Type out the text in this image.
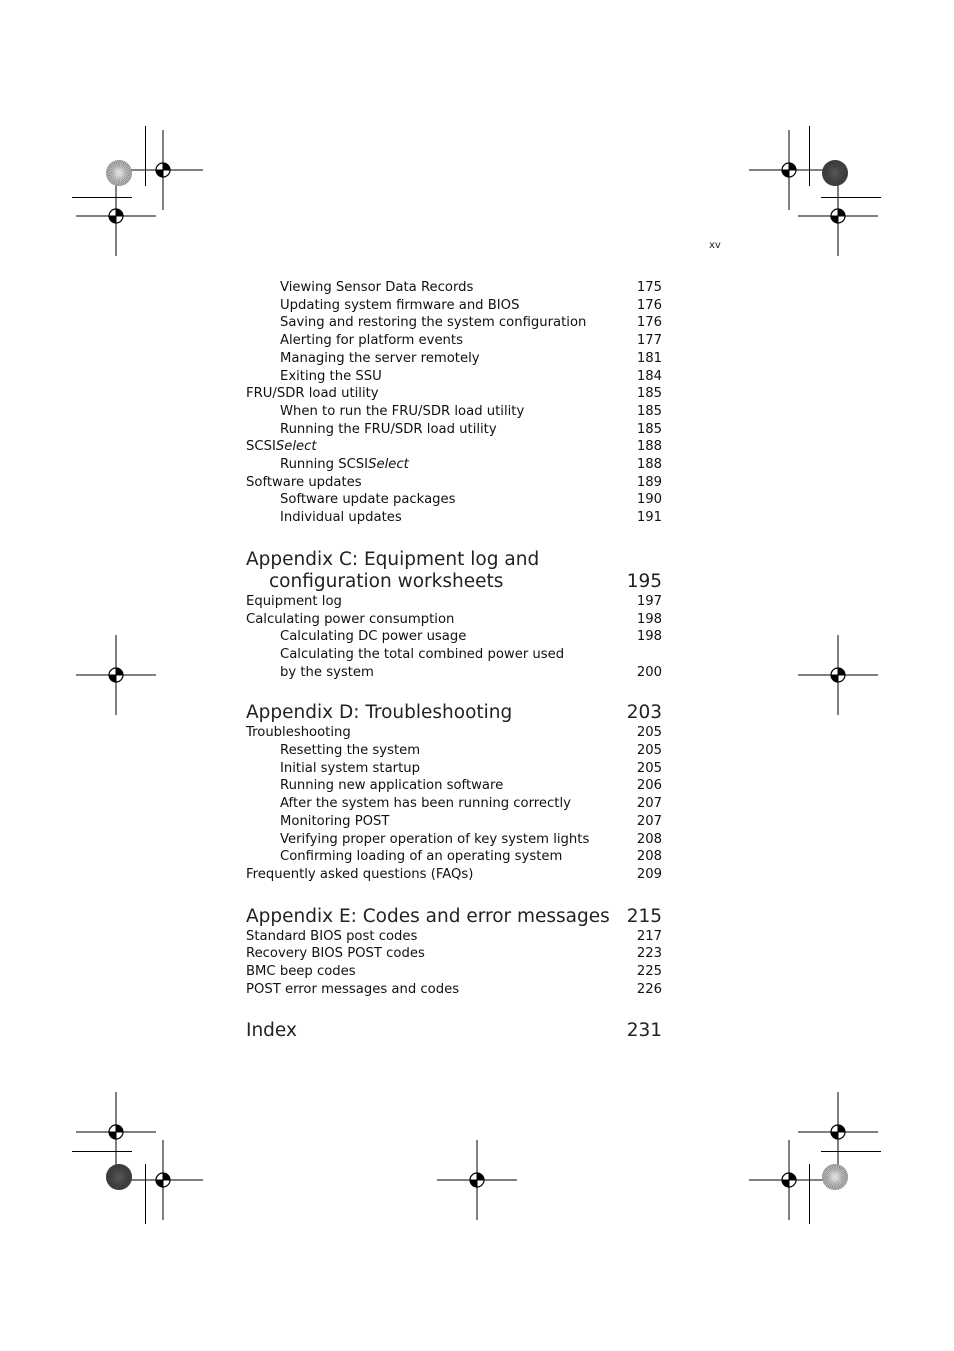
xv
Viewing Sensor Data Records	175
Updating system firmware and BIOS	176
Saving and restoring the system configuration	176
Alerting for platform events	177
Managing the server remotely	181
Exiting the SSU	184
FRU/SDR load utility	185
When to run the FRU/SDR load utility	185
Running the FRU/SDR load utility	185
SCSISelect	188
Running SCSISelect	188
Software updates	189
Software update packages	190
Individual updates	191
Appendix C: Equipment log and
configuration worksheets	195
Equipment log	197
Calculating power consumption	198
Calculating DC power usage	198
Calculating the total combined power used
by the system	200
Appendix D: Troubleshooting	203
Troubleshooting	205
Resetting the system	205
Initial system startup	205
Running new application software	206
After the system has been running correctly	207
Monitoring POST	207
Verifying proper operation of key system lights	208
Confirming loading of an operating system	208
Frequently asked questions (FAQs)	209
Appendix E: Codes and error messages 215
Standard BIOS post codes	217
Recovery BIOS POST codes	223
BMC beep codes	225
POST error messages and codes	226
Index	231
